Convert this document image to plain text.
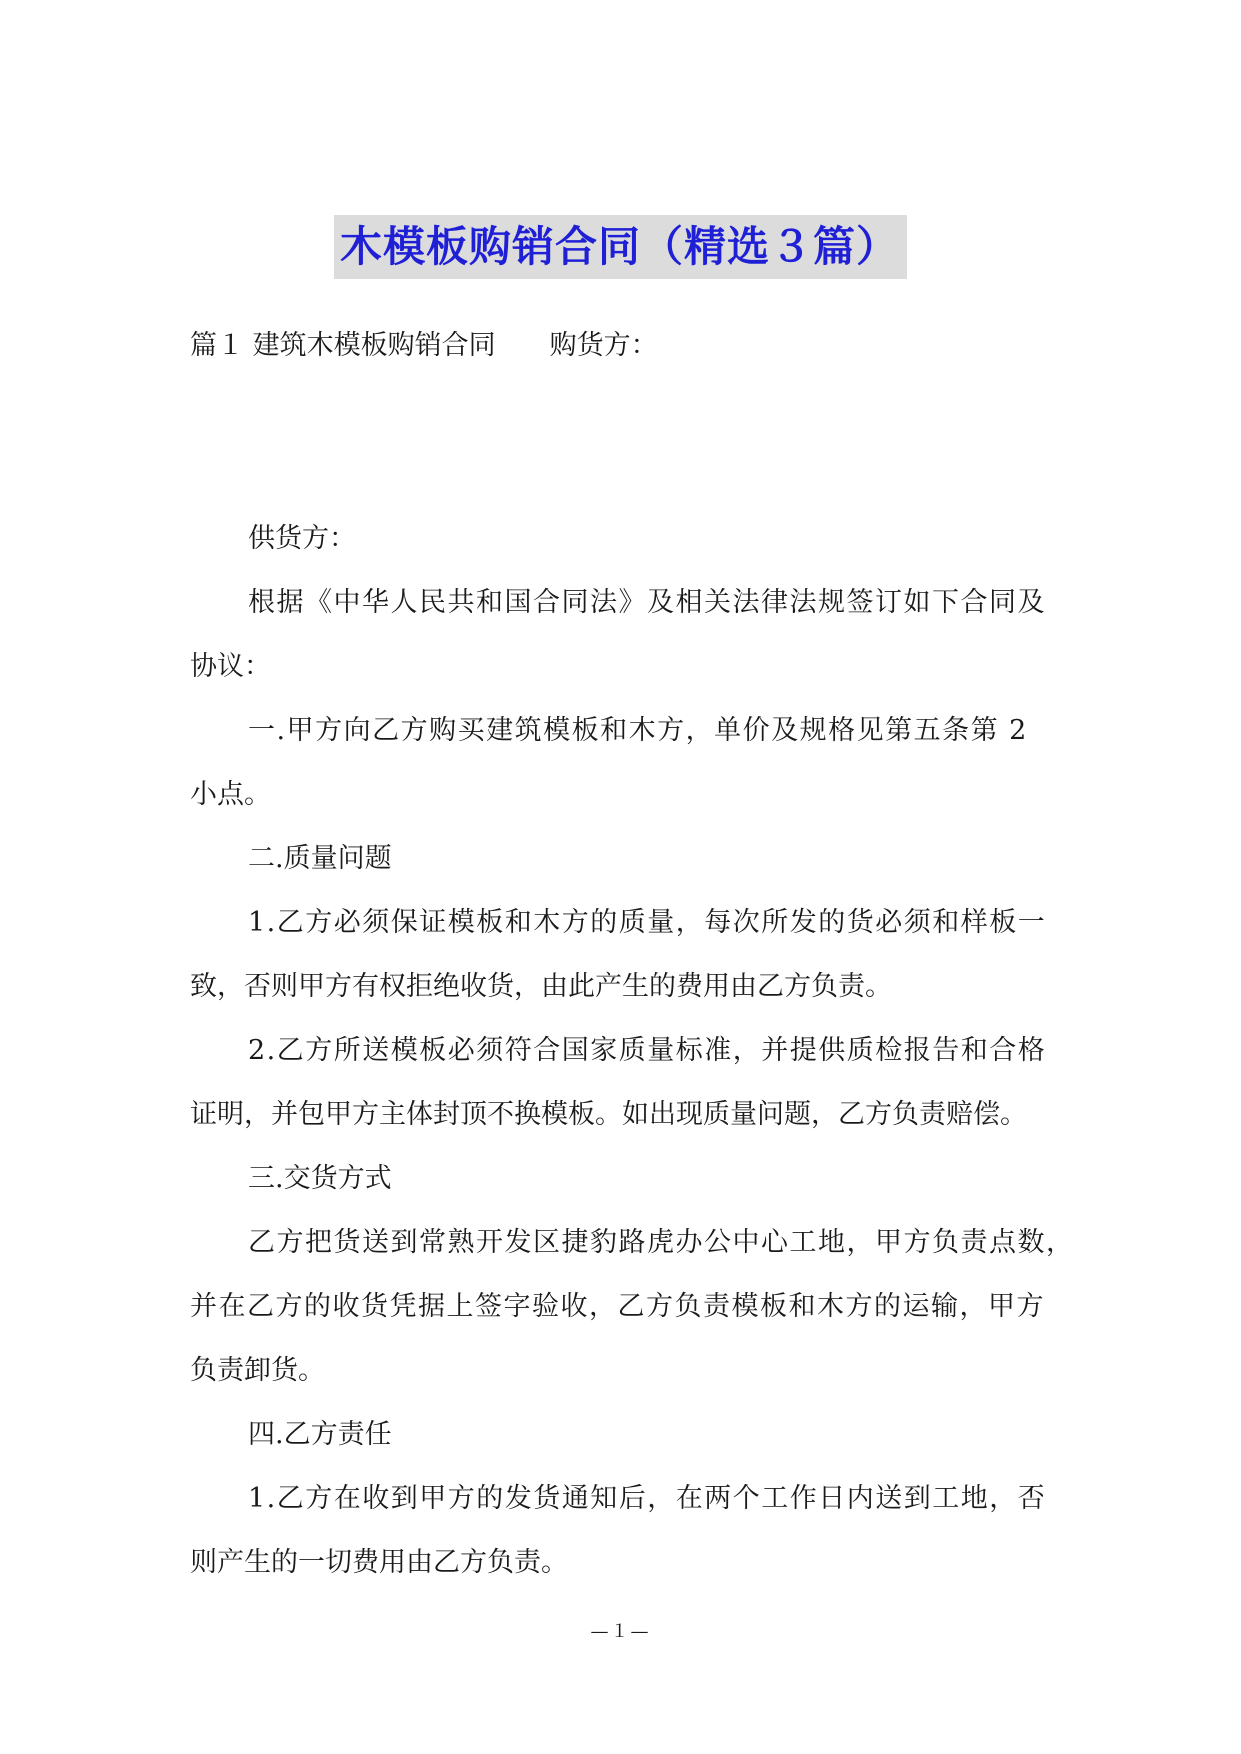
木模板购销合同（精选３篇）
篇１ 建筑木模板购销合同　　购货方：
供货方：
根据《中华人民共和国合同法》及相关法律法规签订如下合同及
协议：
一.甲方向乙方购买建筑模板和木方，单价及规格见第五条第 2
小点。
二.质量问题
1.乙方必须保证模板和木方的质量，每次所发的货必须和样板一
致，否则甲方有权拒绝收货，由此产生的费用由乙方负责。
2.乙方所送模板必须符合国家质量标准，并提供质检报告和合格
证明，并包甲方主体封顶不换模板。如出现质量问题，乙方负责赔偿。
三.交货方式
乙方把货送到常熟开发区捷豹路虎办公中心工地，甲方负责点数，
并在乙方的收货凭据上签字验收，乙方负责模板和木方的运输，甲方
负责卸货。
四.乙方责任
1.乙方在收到甲方的发货通知后，在两个工作日内送到工地，否
则产生的一切费用由乙方负责。
—１—
